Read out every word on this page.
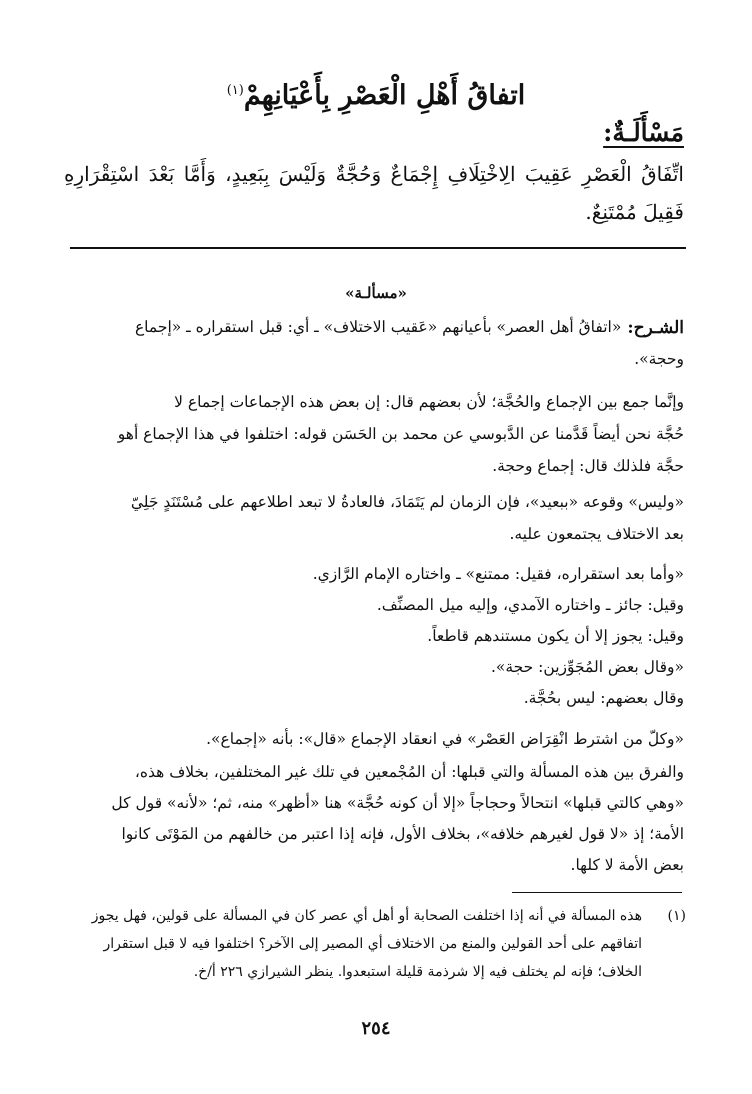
اتفاقُ أَهْلِ الْعَصْرِ بِأَعْيَانِهِمْ$^{(١)}$
مَسْأَلَـةٌ:
اتِّفَاقُ الْعَصْرِ عَقِيبَ الِاخْتِلَافِ إِجْمَاعٌ وَحُجَّةٌ وَلَيْسَ بِبَعِيدٍ، وَأَمَّا بَعْدَ اسْتِقْرَارِهِ
فَقِيلَ مُمْتَنِعٌ.
«مسألـة»
الشـرح:
«اتفاقُ أهل العصر» بأعيانهم «عَقيب الاختلاف» ـ أي: قبل استقراره ـ «إجماع
وحجة».
وإنَّما جمع بين الإجماع والحُجَّة؛ لأن بعضهم قال: إن بعض هذه الإجماعات إجماع لا
حُجَّة نحن أيضاً قَدَّمنا عن الدَّبوسي عن محمد بن الحَسَن قوله: اختلفوا في هذا الإجماع أهو
حجَّة فلذلك قال: إجماع وحجة.
«وليس» وقوعه «ببعيد»، فإن الزمان لم يَتَمَادَ، فالعادةُ لا تبعد اطلاعهم على مُسْتَنَدٍ جَلِيّ
بعد الاختلاف يجتمعون عليه.
«وأما بعد استقراره، فقيل: ممتنع» ـ واختاره الإمام الرَّازي.
وقيل: جائز ـ واختاره الآمدي، وإليه ميل المصنِّف.
وقيل: يجوز إلا أن يكون مستندهم قاطعاً.
«وقال بعض المُجَوِّزين: حجة».
وقال بعضهم: ليس بحُجَّة.
«وكلّ من اشترط انْقِرَاض العَصْر» في انعقاد الإجماع «قال»: بأنه «إجماع».
والفرق بين هذه المسألة والتي قبلها: أن المُجْمعين في تلك غير المختلفين، بخلاف هذه،
«وهي كالتي قبلها» انتحالاً وحجاجاً «إلا أن كونه حُجَّة» هنا «أظهر» منه، ثم؛ «لأنه» قول كل
الأمة؛ إذ «لا قول لغيرهم خلافه»، بخلاف الأول، فإنه إذا اعتبر من خالفهم من المَوْتَى كانوا
بعض الأمة لا كلها.
(١)
هذه المسألة في أنه إذا اختلفت الصحابة أو أهل أي عصر كان في المسألة على قولين، فهل يجوز
اتفاقهم على أحد القولين والمنع من الاختلاف أي المصير إلى الآخر؟ اختلفوا فيه لا قبل استقرار
الخلاف؛ فإنه لم يختلف فيه إلا شرذمة قليلة استبعدوا. ينظر الشيرازي ٢٢٦ أ/خ.
٢٥٤
